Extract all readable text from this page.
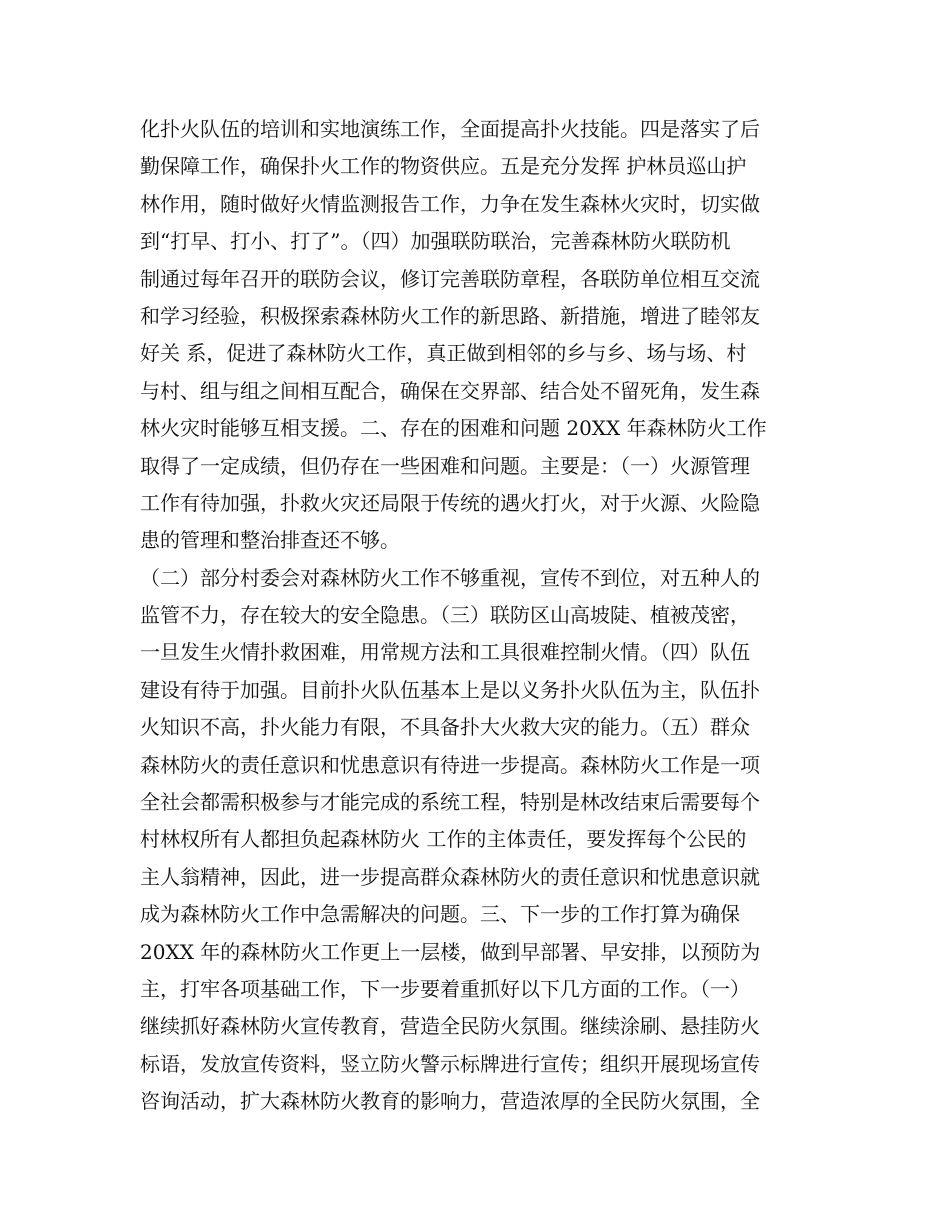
化扑火队伍的培训和实地演练工作，全面提高扑火技能。四是落实了后
勤保障工作，确保扑火工作的物资供应。五是充分发挥 护林员巡山护
林作用，随时做好火情监测报告工作，力争在发生森林火灾时，切实做
到“打早、打小、打了”。（四）加强联防联治，完善森林防火联防机
制通过每年召开的联防会议，修订完善联防章程，各联防单位相互交流
和学习经验，积极探索森林防火工作的新思路、新措施，增进了睦邻友
好关 系，促进了森林防火工作，真正做到相邻的乡与乡、场与场、村
与村、组与组之间相互配合，确保在交界部、结合处不留死角，发生森
林火灾时能够互相支援。二、存在的困难和问题 20XX 年森林防火工作
取得了一定成绩，但仍存在一些困难和问题。主要是：（一）火源管理
工作有待加强，扑救火灾还局限于传统的遇火打火，对于火源、火险隐
患的管理和整治排查还不够。
（二）部分村委会对森林防火工作不够重视，宣传不到位，对五种人的
监管不力，存在较大的安全隐患。（三）联防区山高坡陡、植被茂密，
一旦发生火情扑救困难，用常规方法和工具很难控制火情。（四）队伍
建设有待于加强。目前扑火队伍基本上是以义务扑火队伍为主，队伍扑
火知识不高，扑火能力有限，不具备扑大火救大灾的能力。（五）群众
森林防火的责任意识和忧患意识有待进一步提高。森林防火工作是一项
全社会都需积极参与才能完成的系统工程，特别是林改结束后需要每个
村林权所有人都担负起森林防火 工作的主体责任，要发挥每个公民的
主人翁精神，因此，进一步提高群众森林防火的责任意识和忧患意识就
成为森林防火工作中急需解决的问题。三、下一步的工作打算为确保
20XX 年的森林防火工作更上一层楼，做到早部署、早安排，以预防为
主，打牢各项基础工作，下一步要着重抓好以下几方面的工作。（一）
继续抓好森林防火宣传教育，营造全民防火氛围。继续涂刷、悬挂防火
标语，发放宣传资料，竖立防火警示标牌进行宣传；组织开展现场宣传
咨询活动，扩大森林防火教育的影响力，营造浓厚的全民防火氛围，全
